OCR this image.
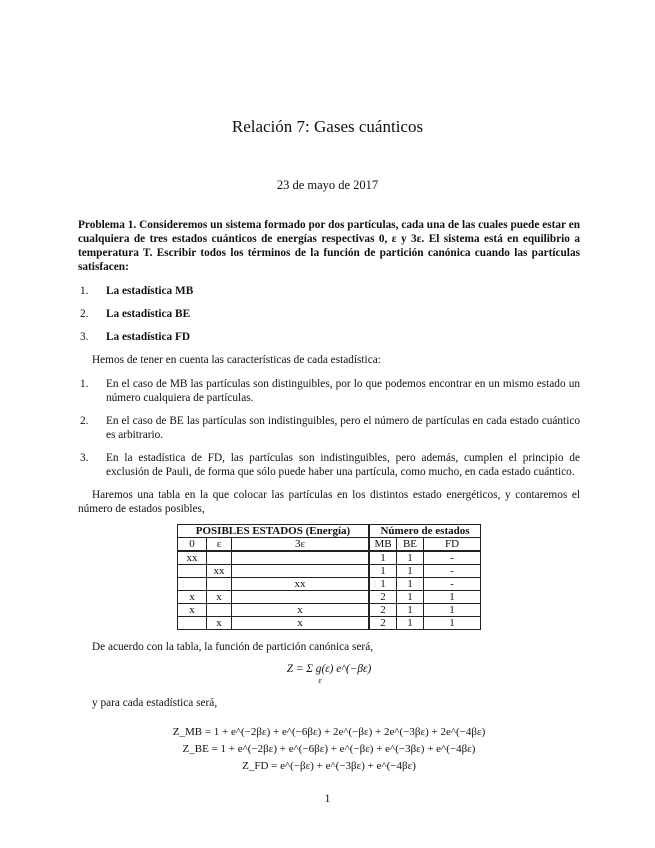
Relación 7: Gases cuánticos
23 de mayo de 2017

Problema 1. Consideremos un sistema formado por dos partículas, cada una de las cuales puede estar en cualquiera de tres estados cuánticos de energías respectivas 0, ε y 3ε. El sistema está en equilibrio a temperatura T. Escribir todos los términos de la función de partición canónica cuando las partículas satisfacen:

1.	La estadística MB
2.	La estadística BE
3.	La estadística FD

Hemos de tener en cuenta las características de cada estadística:

1.	En el caso de MB las partículas son distinguibles, por lo que podemos encontrar en un mismo estado un número cualquiera de partículas.
2.	En el caso de BE las partículas son indistinguibles, pero el número de partículas en cada estado cuántico es arbitrario.
3.	En la estadística de FD, las partículas son indistinguibles, pero además, cumplen el principio de exclusión de Pauli, de forma que sólo puede haber una partícula, como mucho, en cada estado cuántico.

Haremos una tabla en la que colocar las partículas en los distintos estado energéticos, y contaremos el número de estados posibles,

POSIBLES ESTADOS (Energía)			Número de estados		
0	ε	3ε	MB	BE	FD
xx			1	1	-
	xx		1	1	-
		xx	1	1	-
x	x		2	1	1
x		x	2	1	1
	x	x	2	1	1

De acuerdo con la tabla, la función de partición canónica será,

Z = Σ g(ε) e^(−βε)
ε

y para cada estadística será,

Z_MB = 1 + e^(−2βε) + e^(−6βε) + 2e^(−βε) + 2e^(−3βε) + 2e^(−4βε)
Z_BE = 1 + e^(−2βε) + e^(−6βε) + e^(−βε) + e^(−3βε) + e^(−4βε)
Z_FD = e^(−βε) + e^(−3βε) + e^(−4βε)
1
